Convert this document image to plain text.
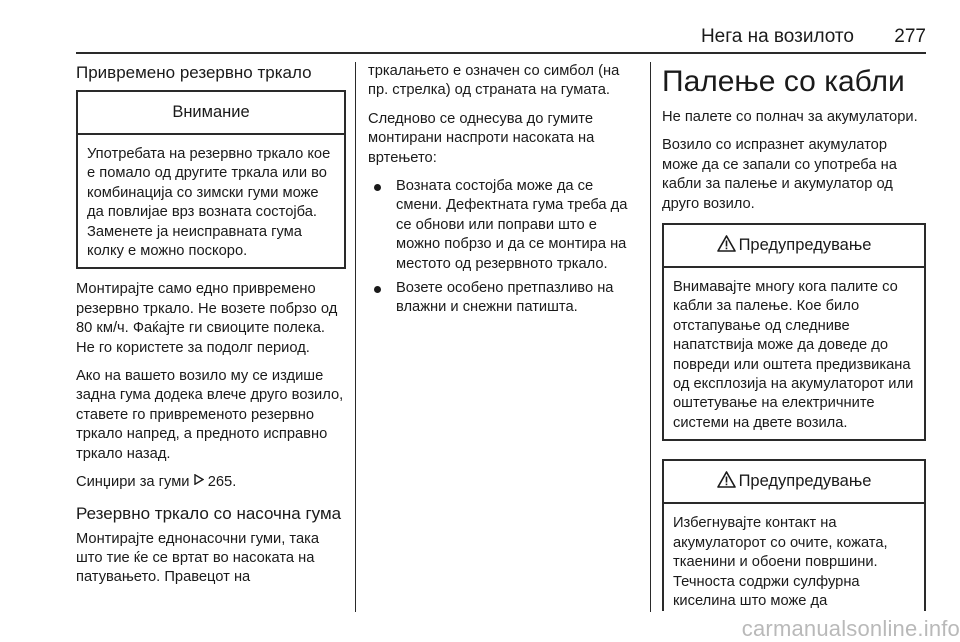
Нега на возилото	277
Привремено резервно тркало
Внимание
Употребата на резервно тркало кое е помало од другите тркала или во комбинација со зимски гуми може да повлијае врз возната состојба. Заменете ја неисправната гума колку е можно поскоро.

Монтирајте само едно привремено резервно тркало. Не возете побрзо од 80 км/ч. Фаќајте ги свиоците полека. Не го користете за подолг период.

Ако на вашето возило му се издише задна гума додека влече друго возило, ставете го привременото резервно тркало напред, а предното исправно тркало назад.

Синџири за гуми  265.

Резервно тркало со насочна гума

Монтирајте еднонасочни гуми, така што тие ќе се вртат во насоката на патувањето. Правецот на

тркалањето е означен со симбол (на пр. стрелка) од страната на гумата.

Следново се однесува до гумите монтирани наспроти насоката на вртењето:

Возната состојба може да се смени. Дефектната гума треба да се обнови или поправи што е можно побрзо и да се монтира на местото од резервното тркало.
Возете особено претпазливо на влажни и снежни патишта.
Палење со кабли

Не палете со полнач за акумулатори.

Возило со испразнет акумулатор може да се запали со употреба на кабли за палење и акумулатор од друго возило.

Предупредување
Внимавајте многу кога палите со кабли за палење. Кое било отстапување од следниве напатствија може да доведе до повреди или оштета предизвикана од експлозија на акумулаторот или оштетување на електричните системи на двете возила.
Предупредување
Избегнувајте контакт на акумулаторот со очите, кожата, ткаенини и обоени површини. Течноста содржи сулфурна киселина што може да
carmanualsonline.info
